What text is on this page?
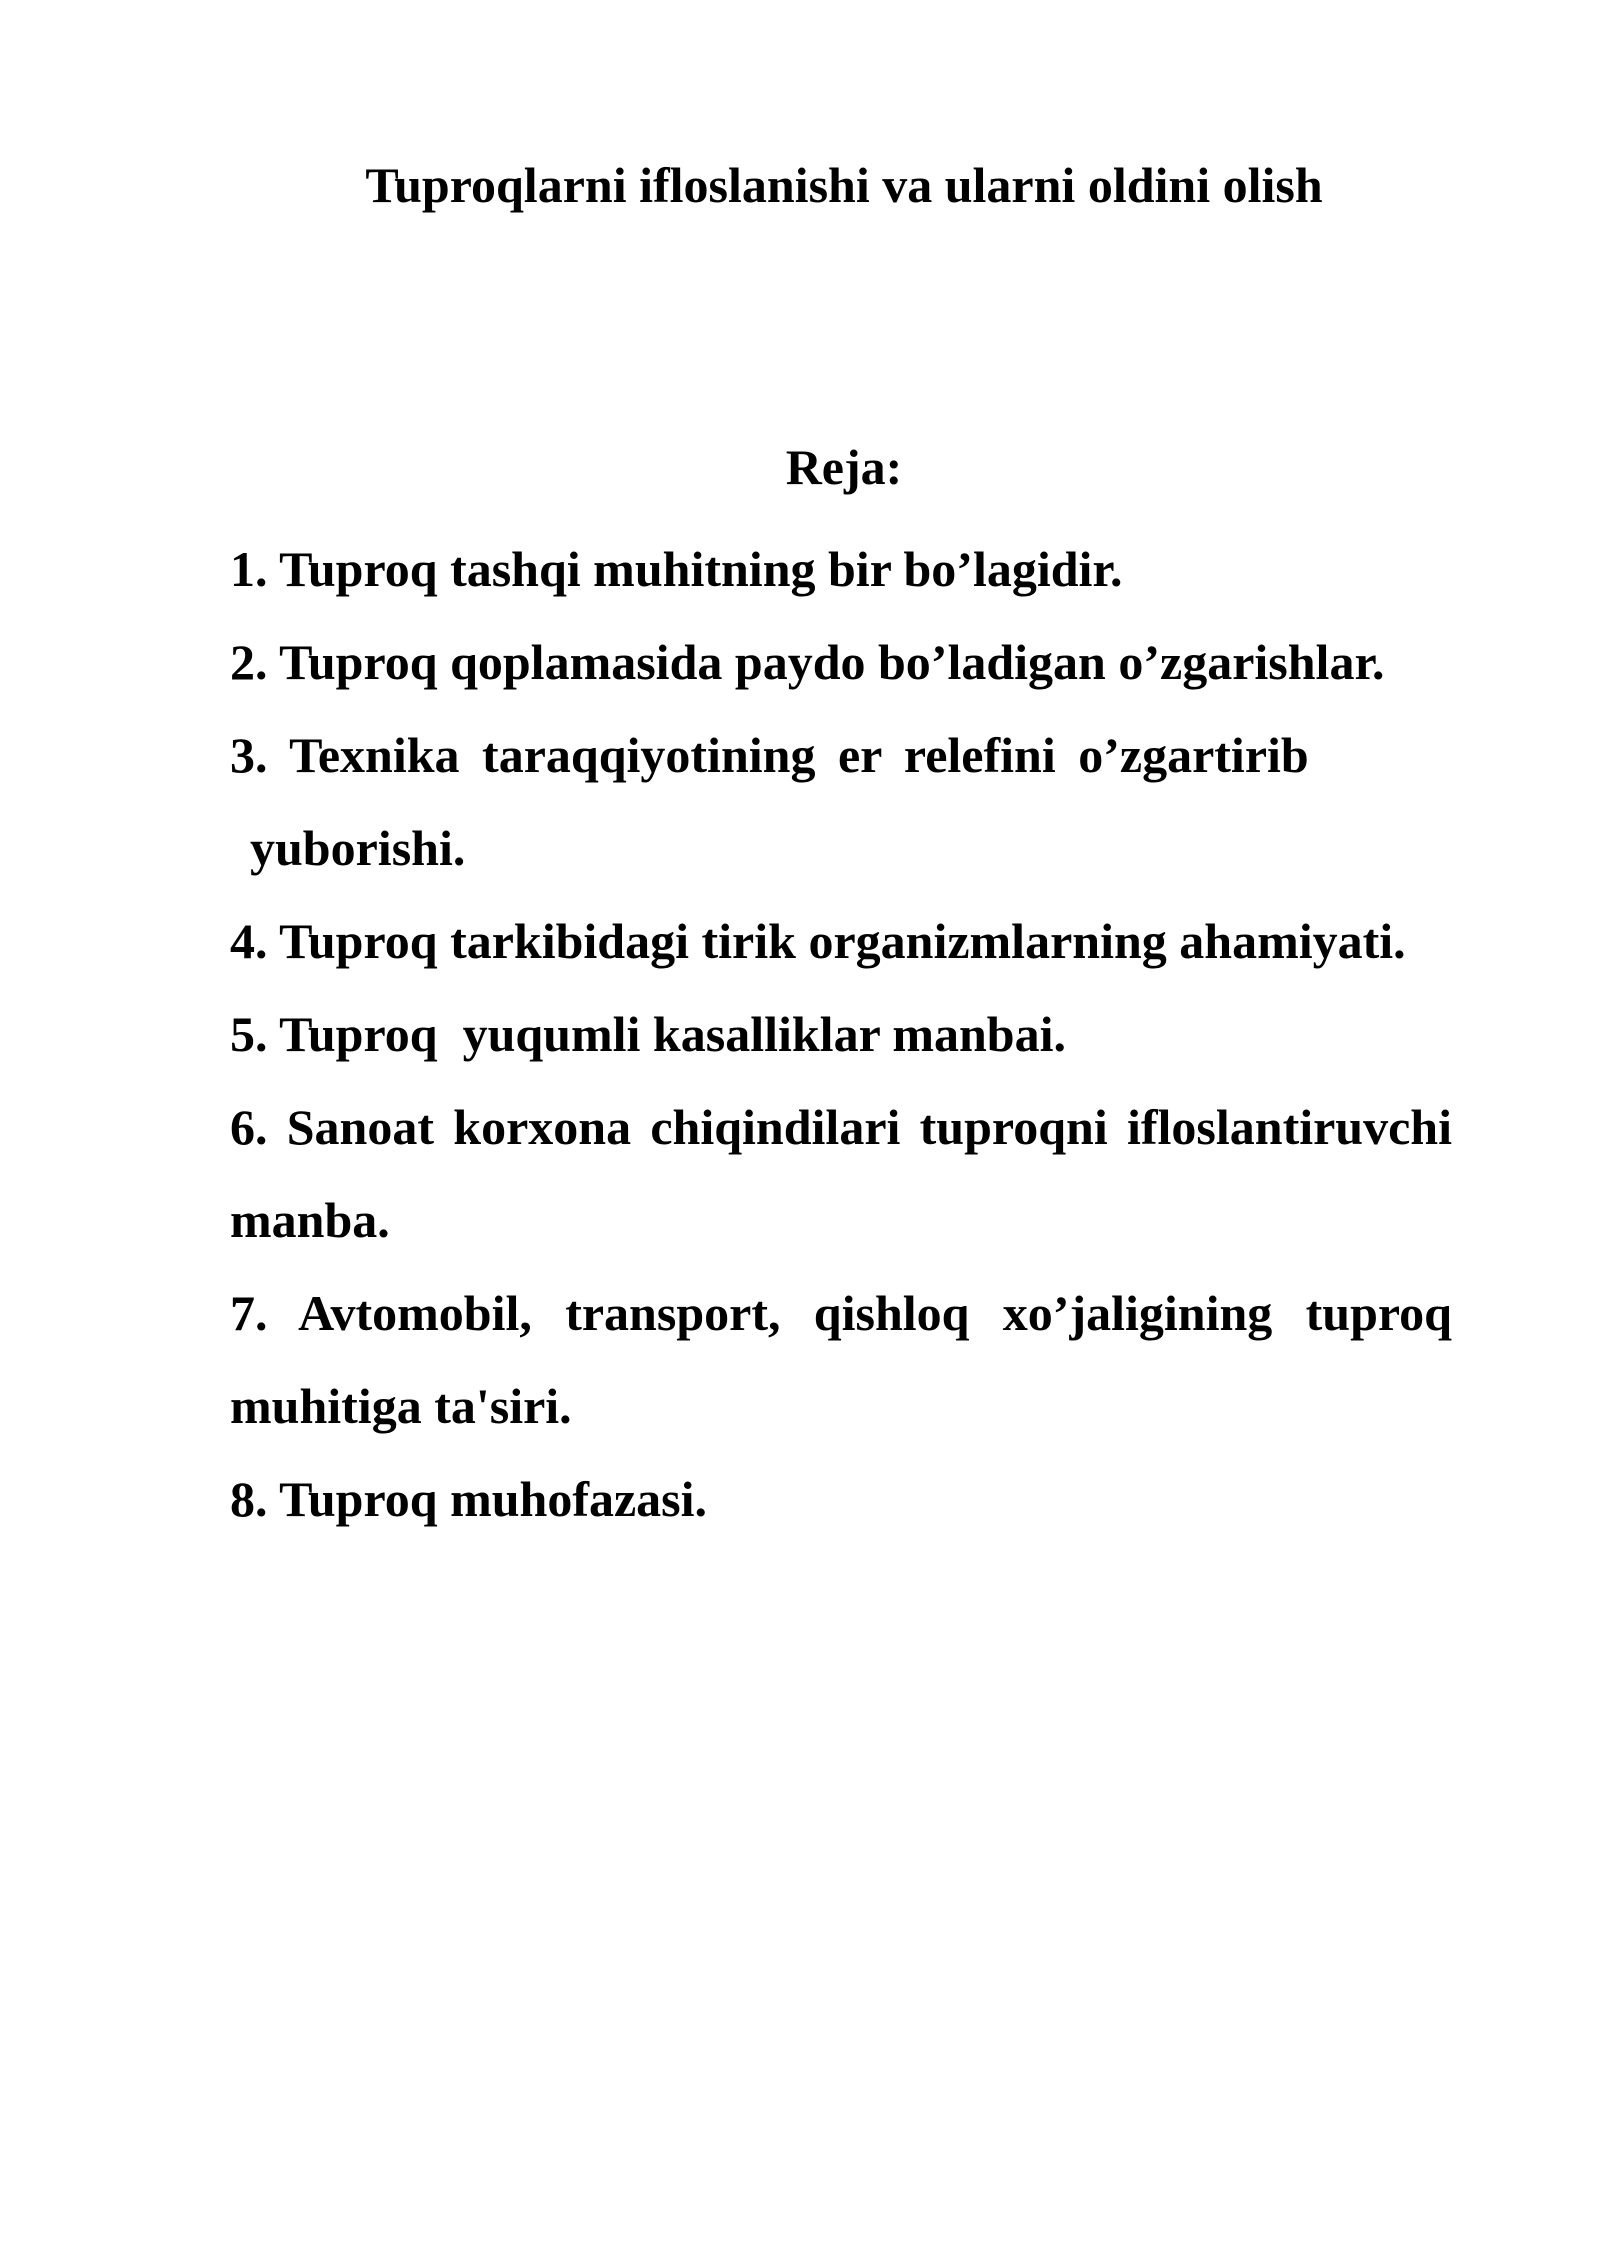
Tuproqlarni ifloslanishi va ularni oldini olish
Reja:
1. Tuproq tashqi muhitning bir bo’lagidir.
2. Tuproq qoplamasida paydo bo’ladigan o’zgarishlar.
3. Texnika taraqqiyotining er relefini o’zgartirib
yuborishi.
4. Tuproq tarkibidagi tirik organizmlarning ahamiyati.
5. Tuproq  yuqumli kasalliklar manbai.
6. Sanoat korxona chiqindilari tuproqni ifloslantiruvchi manba.
7. Avtomobil, transport, qishloq xo’jaligining tuproq muhitiga ta'siri.
8. Tuproq muhofazasi.
